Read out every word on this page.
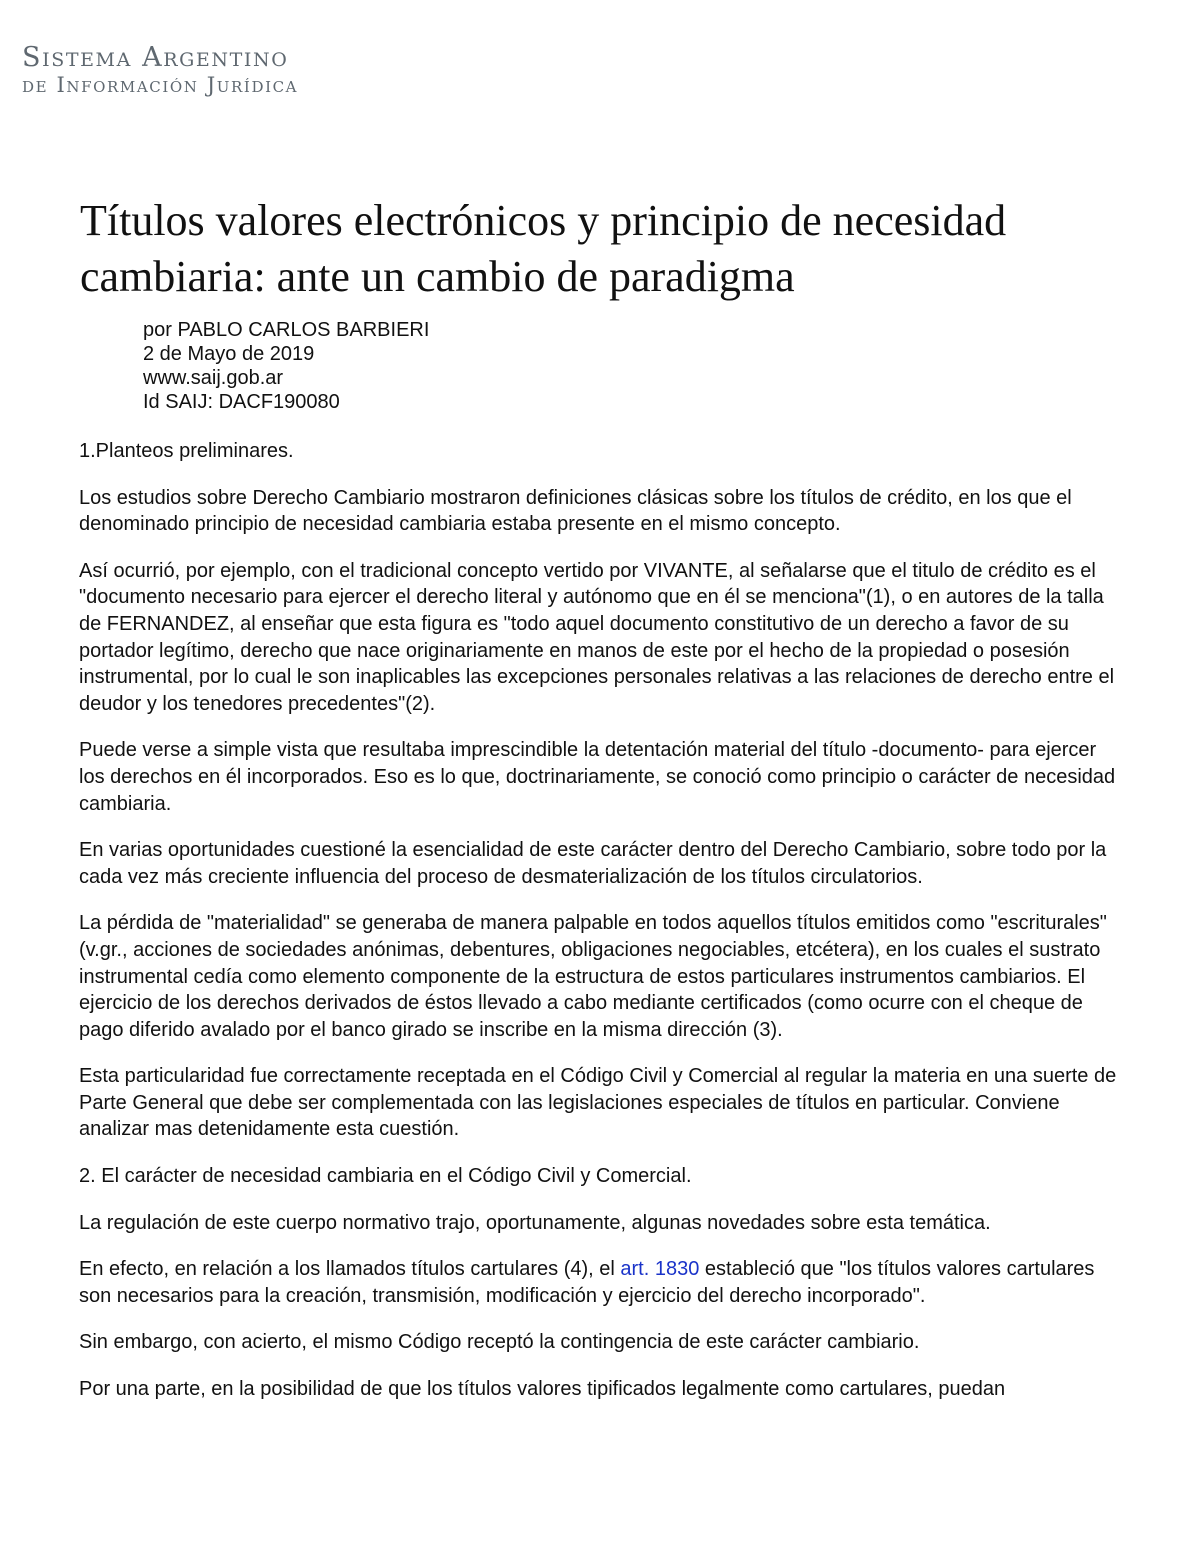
Sistema Argentino
de Información Jurídica
Títulos valores electrónicos y principio de necesidad cambiaria: ante un cambio de paradigma
por PABLO CARLOS BARBIERI
2 de Mayo de 2019
www.saij.gob.ar
Id SAIJ: DACF190080

1.Planteos preliminares.

Los estudios sobre Derecho Cambiario mostraron definiciones clásicas sobre los títulos de crédito, en los que el denominado principio de necesidad cambiaria estaba presente en el mismo concepto.

Así ocurrió, por ejemplo, con el tradicional concepto vertido por VIVANTE, al señalarse que el titulo de crédito es el "documento necesario para ejercer el derecho literal y autónomo que en él se menciona"(1), o en autores de la talla de FERNANDEZ, al enseñar que esta figura es "todo aquel documento constitutivo de un derecho a favor de su portador legítimo, derecho que nace originariamente en manos de este por el hecho de la propiedad o posesión instrumental, por lo cual le son inaplicables las excepciones personales relativas a las relaciones de derecho entre el deudor y los tenedores precedentes"(2).

Puede verse a simple vista que resultaba imprescindible la detentación material del título -documento- para ejercer los derechos en él incorporados. Eso es lo que, doctrinariamente, se conoció como principio o carácter de necesidad cambiaria.

En varias oportunidades cuestioné la esencialidad de este carácter dentro del Derecho Cambiario, sobre todo por la cada vez más creciente influencia del proceso de desmaterialización de los títulos circulatorios.

La pérdida de "materialidad" se generaba de manera palpable en todos aquellos títulos emitidos como "escriturales" (v.gr., acciones de sociedades anónimas, debentures, obligaciones negociables, etcétera), en los cuales el sustrato instrumental cedía como elemento componente de la estructura de estos particulares instrumentos cambiarios. El ejercicio de los derechos derivados de éstos llevado a cabo mediante certificados (como ocurre con el cheque de pago diferido avalado por el banco girado se inscribe en la misma dirección (3).

Esta particularidad fue correctamente receptada en el Código Civil y Comercial al regular la materia en una suerte de Parte General que debe ser complementada con las legislaciones especiales de títulos en particular. Conviene analizar mas detenidamente esta cuestión.

2. El carácter de necesidad cambiaria en el Código Civil y Comercial.

La regulación de este cuerpo normativo trajo, oportunamente, algunas novedades sobre esta temática.

En efecto, en relación a los llamados títulos cartulares (4), el art. 1830 estableció que "los títulos valores cartulares son necesarios para la creación, transmisión, modificación y ejercicio del derecho incorporado".

Sin embargo, con acierto, el mismo Código receptó la contingencia de este carácter cambiario.

Por una parte, en la posibilidad de que los títulos valores tipificados legalmente como cartulares, puedan
